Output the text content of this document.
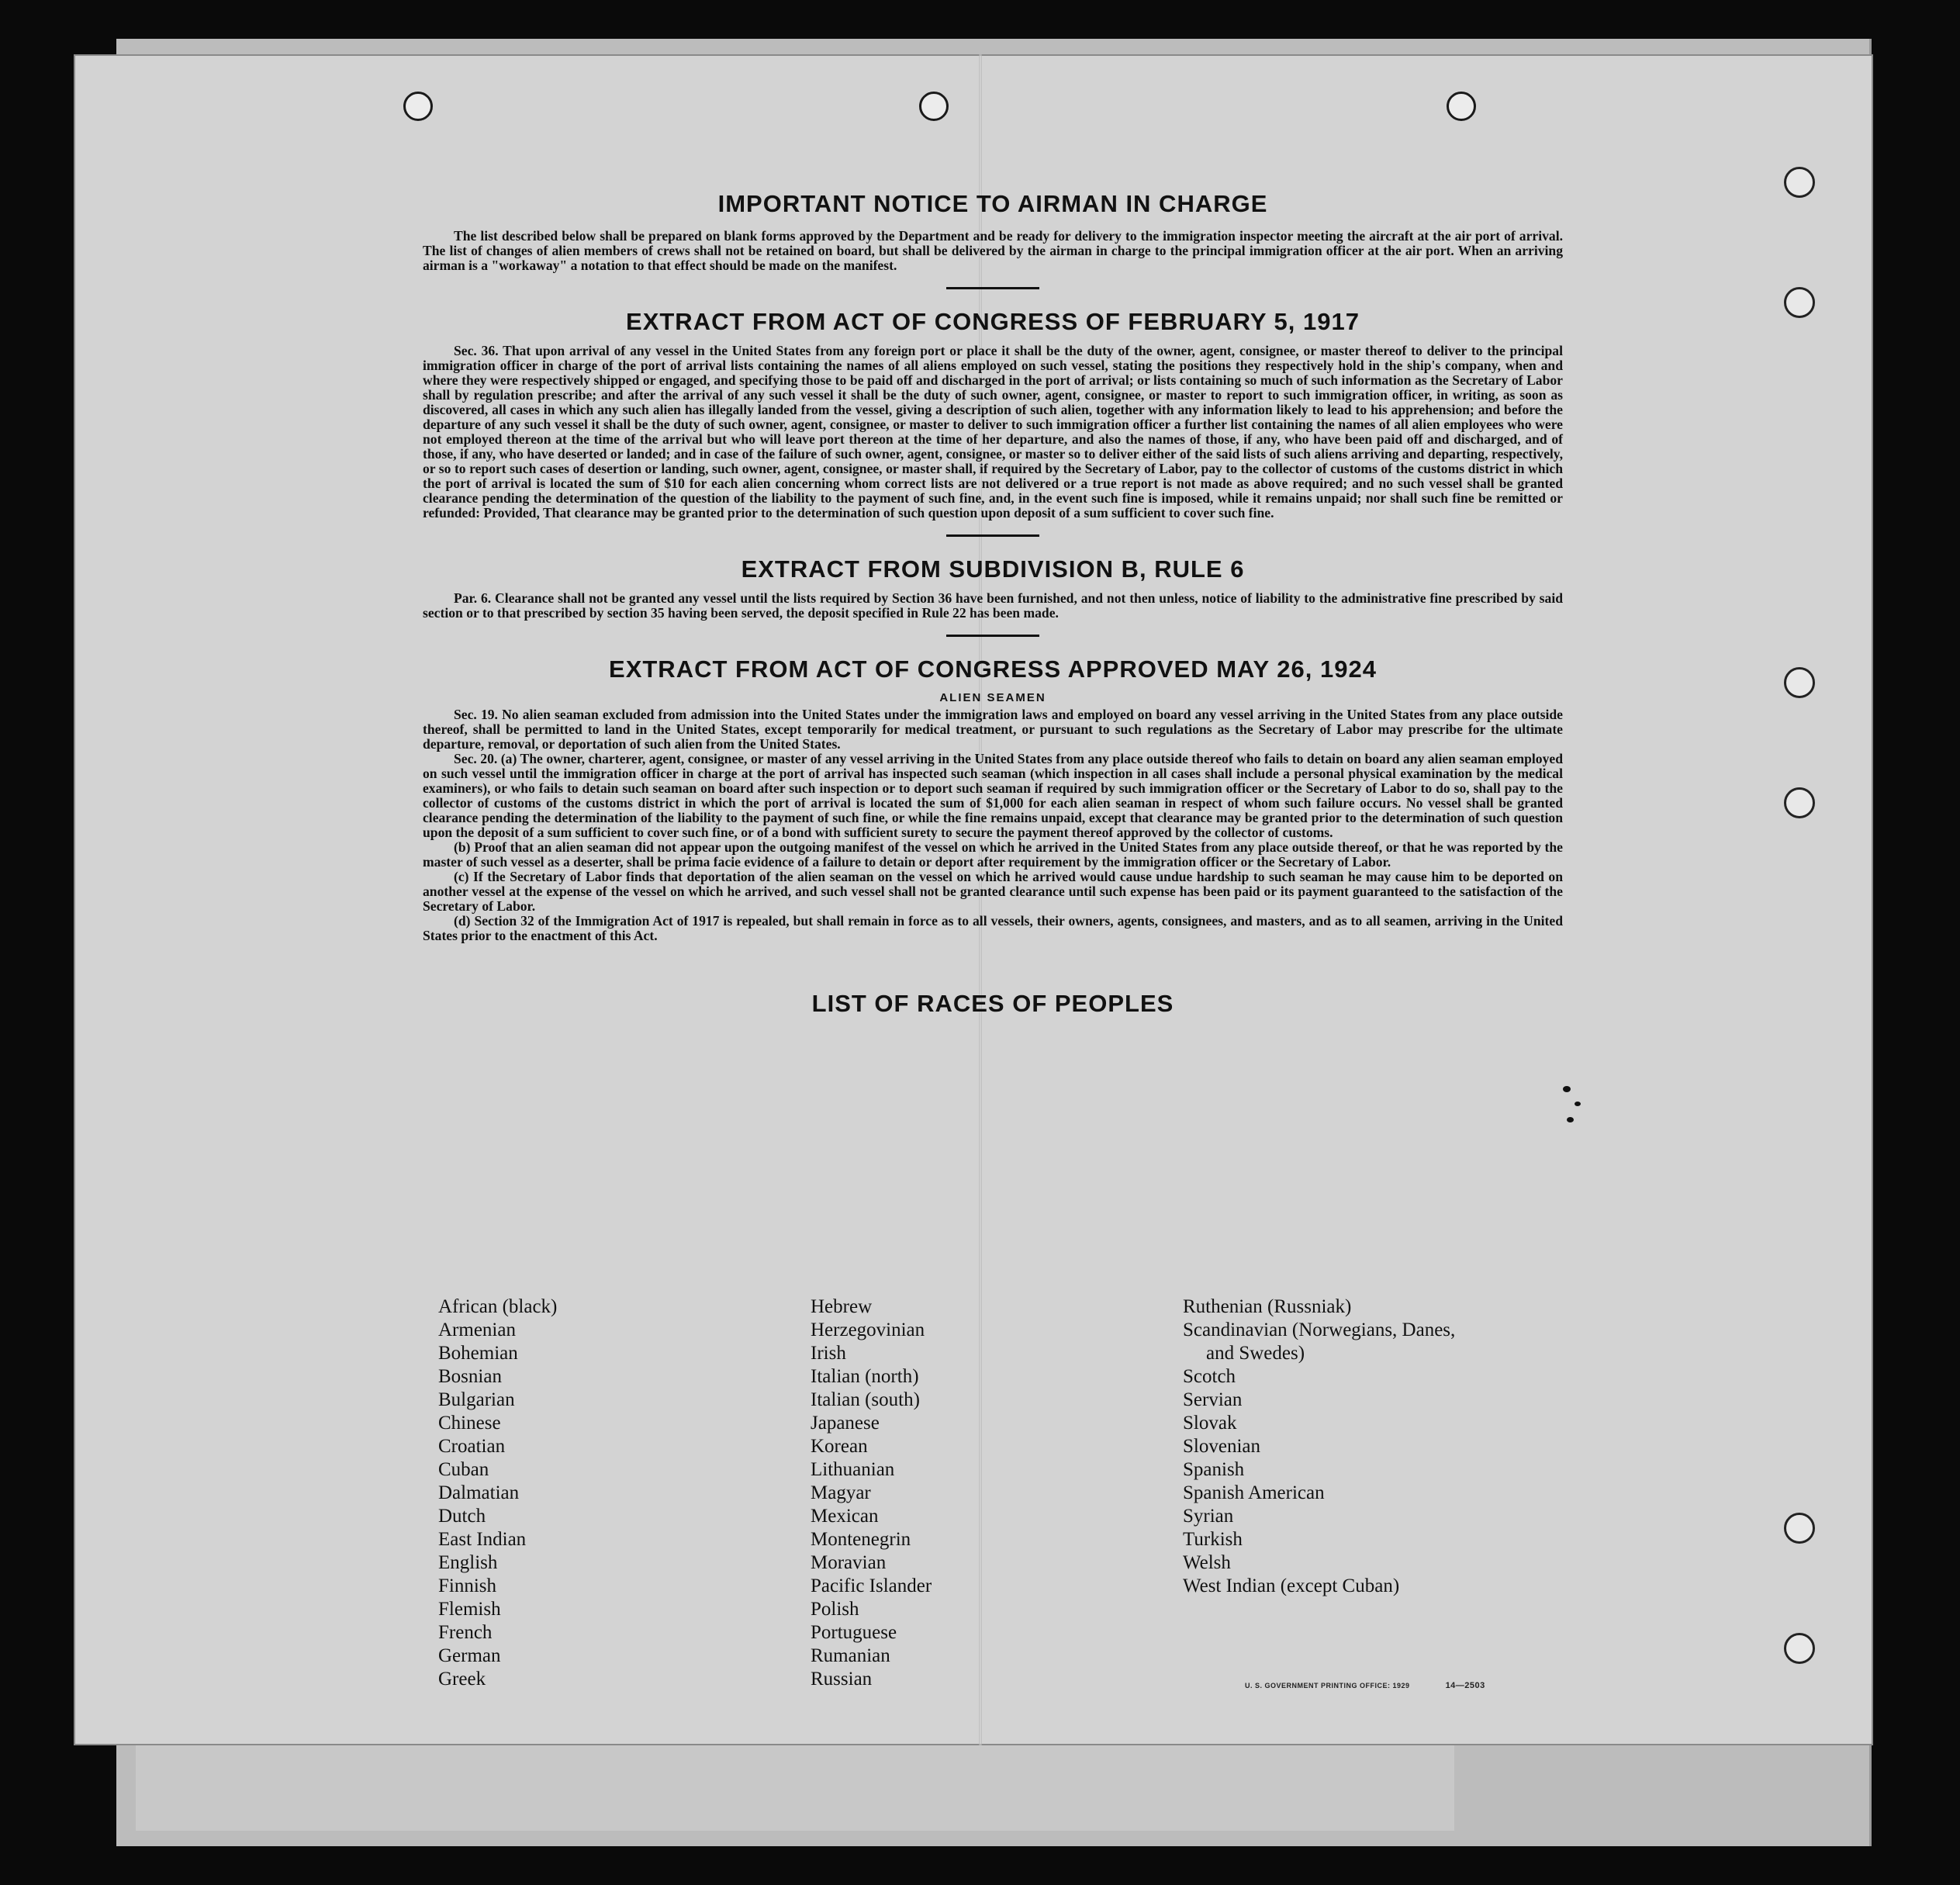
IMPORTANT NOTICE TO AIRMAN IN CHARGE

The list described below shall be prepared on blank forms approved by the Department and be ready for delivery to the immigration inspector meeting the aircraft at the air port of arrival. The list of changes of alien members of crews shall not be retained on board, but shall be delivered by the airman in charge to the principal immigration officer at the air port. When an arriving airman is a "workaway" a notation to that effect should be made on the manifest.

EXTRACT FROM ACT OF CONGRESS OF FEBRUARY 5, 1917

Sec. 36. That upon arrival of any vessel in the United States from any foreign port or place it shall be the duty of the owner, agent, consignee, or master thereof to deliver to the principal immigration officer in charge of the port of arrival lists containing the names of all aliens employed on such vessel, stating the positions they respectively hold in the ship's company, when and where they were respectively shipped or engaged, and specifying those to be paid off and discharged in the port of arrival; or lists containing so much of such information as the Secretary of Labor shall by regulation prescribe; and after the arrival of any such vessel it shall be the duty of such owner, agent, consignee, or master to report to such immigration officer, in writing, as soon as discovered, all cases in which any such alien has illegally landed from the vessel, giving a description of such alien, together with any information likely to lead to his apprehension; and before the departure of any such vessel it shall be the duty of such owner, agent, consignee, or master to deliver to such immigration officer a further list containing the names of all alien employees who were not employed thereon at the time of the arrival but who will leave port thereon at the time of her departure, and also the names of those, if any, who have been paid off and discharged, and of those, if any, who have deserted or landed; and in case of the failure of such owner, agent, consignee, or master so to deliver either of the said lists of such aliens arriving and departing, respectively, or so to report such cases of desertion or landing, such owner, agent, consignee, or master shall, if required by the Secretary of Labor, pay to the collector of customs of the customs district in which the port of arrival is located the sum of $10 for each alien concerning whom correct lists are not delivered or a true report is not made as above required; and no such vessel shall be granted clearance pending the determination of the question of the liability to the payment of such fine, and, in the event such fine is imposed, while it remains unpaid; nor shall such fine be remitted or refunded: Provided, That clearance may be granted prior to the determination of such question upon deposit of a sum sufficient to cover such fine.

EXTRACT FROM SUBDIVISION B, RULE 6

Par. 6. Clearance shall not be granted any vessel until the lists required by Section 36 have been furnished, and not then unless, notice of liability to the administrative fine prescribed by said section or to that prescribed by section 35 having been served, the deposit specified in Rule 22 has been made.

EXTRACT FROM ACT OF CONGRESS APPROVED MAY 26, 1924
ALIEN SEAMEN

Sec. 19. No alien seaman excluded from admission into the United States under the immigration laws and employed on board any vessel arriving in the United States from any place outside thereof, shall be permitted to land in the United States, except temporarily for medical treatment, or pursuant to such regulations as the Secretary of Labor may prescribe for the ultimate departure, removal, or deportation of such alien from the United States.

Sec. 20. (a) The owner, charterer, agent, consignee, or master of any vessel arriving in the United States from any place outside thereof who fails to detain on board any alien seaman employed on such vessel until the immigration officer in charge at the port of arrival has inspected such seaman (which inspection in all cases shall include a personal physical examination by the medical examiners), or who fails to detain such seaman on board after such inspection or to deport such seaman if required by such immigration officer or the Secretary of Labor to do so, shall pay to the collector of customs of the customs district in which the port of arrival is located the sum of $1,000 for each alien seaman in respect of whom such failure occurs. No vessel shall be granted clearance pending the determination of the liability to the payment of such fine, or while the fine remains unpaid, except that clearance may be granted prior to the determination of such question upon the deposit of a sum sufficient to cover such fine, or of a bond with sufficient surety to secure the payment thereof approved by the collector of customs.

(b) Proof that an alien seaman did not appear upon the outgoing manifest of the vessel on which he arrived in the United States from any place outside thereof, or that he was reported by the master of such vessel as a deserter, shall be prima facie evidence of a failure to detain or deport after requirement by the immigration officer or the Secretary of Labor.

(c) If the Secretary of Labor finds that deportation of the alien seaman on the vessel on which he arrived would cause undue hardship to such seaman he may cause him to be deported on another vessel at the expense of the vessel on which he arrived, and such vessel shall not be granted clearance until such expense has been paid or its payment guaranteed to the satisfaction of the Secretary of Labor.

(d) Section 32 of the Immigration Act of 1917 is repealed, but shall remain in force as to all vessels, their owners, agents, consignees, and masters, and as to all seamen, arriving in the United States prior to the enactment of this Act.

LIST OF RACES OF PEOPLES
African (black)
Armenian
Bohemian
Bosnian
Bulgarian
Chinese
Croatian
Cuban
Dalmatian
Dutch
East Indian
English
Finnish
Flemish
French
German
Greek
Hebrew
Herzegovinian
Irish
Italian (north)
Italian (south)
Japanese
Korean
Lithuanian
Magyar
Mexican
Montenegrin
Moravian
Pacific Islander
Polish
Portuguese
Rumanian
Russian
Ruthenian (Russniak)
Scandinavian (Norwegians, Danes,
and Swedes)
Scotch
Servian
Slovak
Slovenian
Spanish
Spanish American
Syrian
Turkish
Welsh
West Indian (except Cuban)
U. S. GOVERNMENT PRINTING OFFICE: 1929	14—2503
